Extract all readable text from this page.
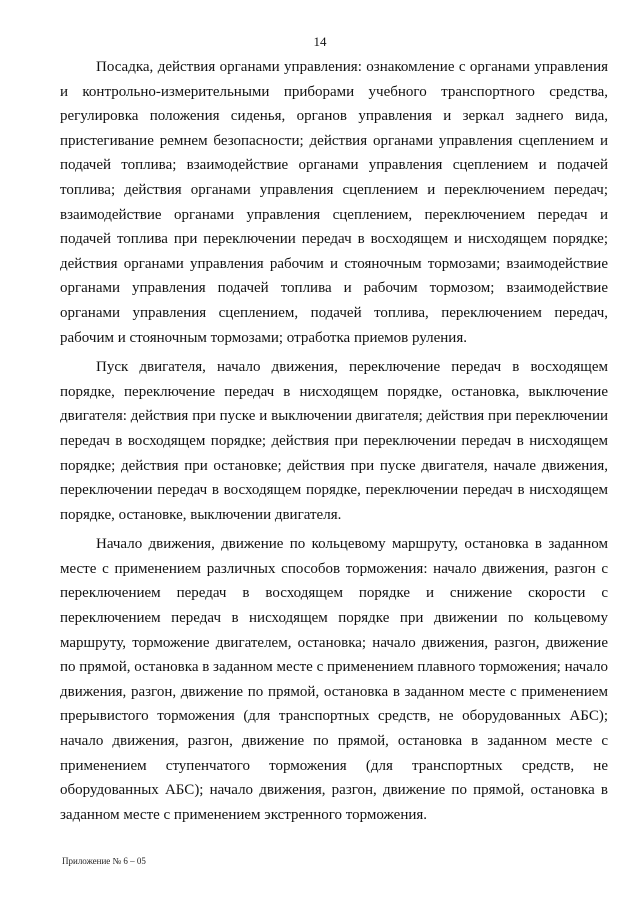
14

Посадка, действия органами управления: ознакомление с органами управления и контрольно-измерительными приборами учебного транспортного средства, регулировка положения сиденья, органов управления и зеркал заднего вида, пристегивание ремнем безопасности; действия органами управления сцеплением и подачей топлива; взаимодействие органами управления сцеплением и подачей топлива; действия органами управления сцеплением и переключением передач; взаимодействие органами управления сцеплением, переключением передач и подачей топлива при переключении передач в восходящем и нисходящем порядке; действия органами управления рабочим и стояночным тормозами; взаимодействие органами управления подачей топлива и рабочим тормозом; взаимодействие органами управления сцеплением, подачей топлива, переключением передач, рабочим и стояночным тормозами; отработка приемов руления.

Пуск двигателя, начало движения, переключение передач в восходящем порядке, переключение передач в нисходящем порядке, остановка, выключение двигателя: действия при пуске и выключении двигателя; действия при переключении передач в восходящем порядке; действия при переключении передач в нисходящем порядке; действия при остановке; действия при пуске двигателя, начале движения, переключении передач в восходящем порядке, переключении передач в нисходящем порядке, остановке, выключении двигателя.

Начало движения, движение по кольцевому маршруту, остановка в заданном месте с применением различных способов торможения: начало движения, разгон с переключением передач в восходящем порядке и снижение скорости с переключением передач в нисходящем порядке при движении по кольцевому маршруту, торможение двигателем, остановка; начало движения, разгон, движение по прямой, остановка в заданном месте с применением плавного торможения; начало движения, разгон, движение по прямой, остановка в заданном месте с применением прерывистого торможения (для транспортных средств, не оборудованных АБС); начало движения, разгон, движение по прямой, остановка в заданном месте с применением ступенчатого торможения (для транспортных средств, не оборудованных АБС); начало движения, разгон, движение по прямой, остановка в заданном месте с применением экстренного торможения.

Приложение № 6 – 05
